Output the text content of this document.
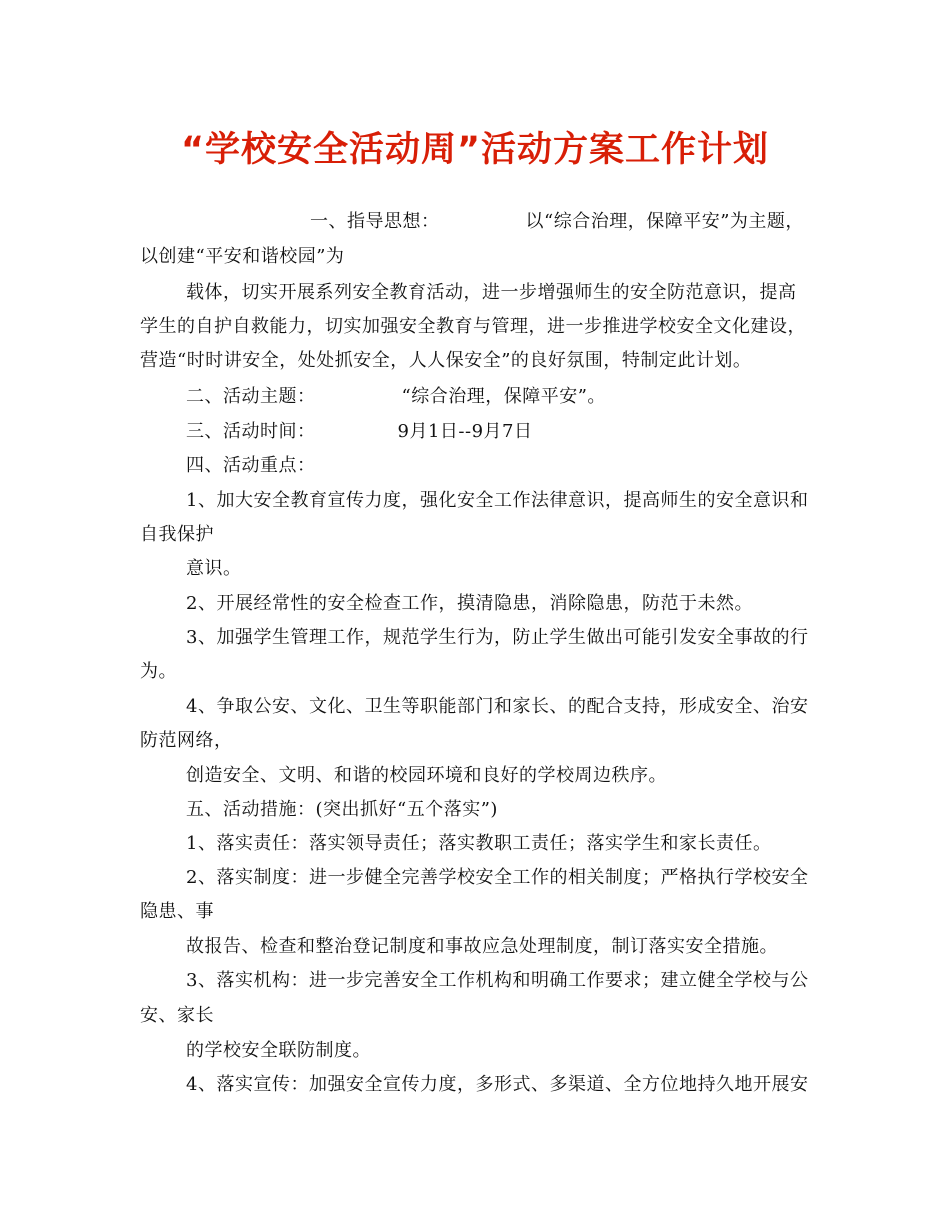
“学校安全活动周”活动方案工作计划
一、指导思想：	以“综合治理，保障平安”为主题，
以创建“平安和谐校园”为
载体，切实开展系列安全教育活动，进一步增强师生的安全防范意识，提高
学生的自护自救能力，切实加强安全教育与管理，进一步推进学校安全文化建设，
营造“时时讲安全，处处抓安全，人人保安全”的良好氛围，特制定此计划。
二、活动主题：	“综合治理，保障平安”。
三、活动时间：	9月1日--9月7日
四、活动重点：
1、加大安全教育宣传力度，强化安全工作法律意识，提高师生的安全意识和
自我保护
意识。
2、开展经常性的安全检查工作，摸清隐患，消除隐患，防范于未然。
3、加强学生管理工作，规范学生行为，防止学生做出可能引发安全事故的行
为。
4、争取公安、文化、卫生等职能部门和家长、的配合支持，形成安全、治安
防范网络，
创造安全、文明、和谐的校园环境和良好的学校周边秩序。
五、活动措施：(突出抓好“五个落实”)
1、落实责任：落实领导责任；落实教职工责任；落实学生和家长责任。
2、落实制度：进一步健全完善学校安全工作的相关制度；严格执行学校安全
隐患、事
故报告、检查和整治登记制度和事故应急处理制度，制订落实安全措施。
3、落实机构：进一步完善安全工作机构和明确工作要求；建立健全学校与公
安、家长
的学校安全联防制度。
4、落实宣传：加强安全宣传力度，多形式、多渠道、全方位地持久地开展安
